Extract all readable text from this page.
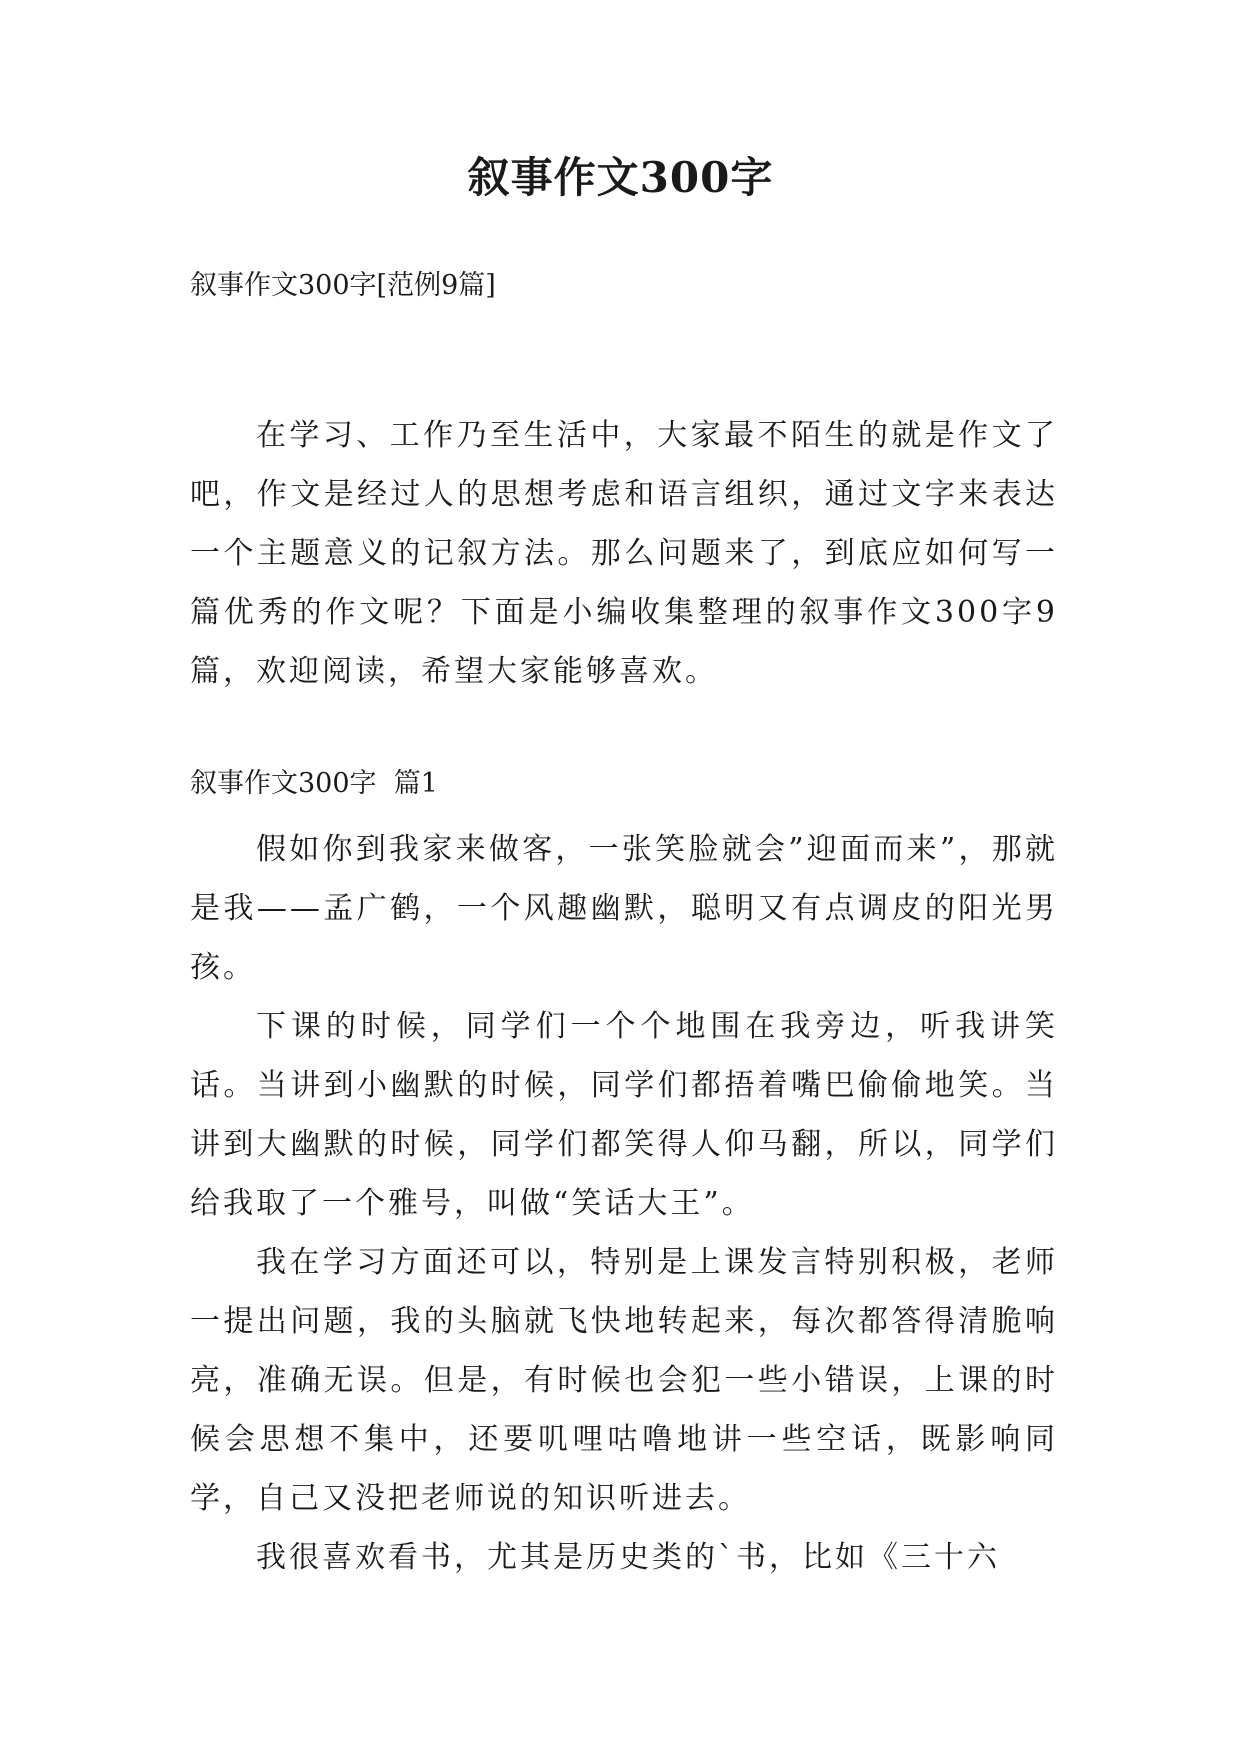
叙事作文300字

叙事作文300字[范例9篇]

在学习、工作乃至生活中，大家最不陌生的就是作文了吧，作文是经过人的思想考虑和语言组织，通过文字来表达一个主题意义的记叙方法。那么问题来了，到底应如何写一篇优秀的作文呢？下面是小编收集整理的叙事作文300字9篇，欢迎阅读，希望大家能够喜欢。

叙事作文300字  篇1

假如你到我家来做客，一张笑脸就会”迎面而来”，那就是我——孟广鹤，一个风趣幽默，聪明又有点调皮的阳光男孩。

下课的时候，同学们一个个地围在我旁边，听我讲笑话。当讲到小幽默的时候，同学们都捂着嘴巴偷偷地笑。当讲到大幽默的时候，同学们都笑得人仰马翻，所以，同学们给我取了一个雅号，叫做“笑话大王”。

我在学习方面还可以，特别是上课发言特别积极，老师一提出问题，我的头脑就飞快地转起来，每次都答得清脆响亮，准确无误。但是，有时候也会犯一些小错误，上课的时候会思想不集中，还要叽哩咕噜地讲一些空话，既影响同学，自己又没把老师说的知识听进去。

我很喜欢看书，尤其是历史类的`书，比如《三十六
